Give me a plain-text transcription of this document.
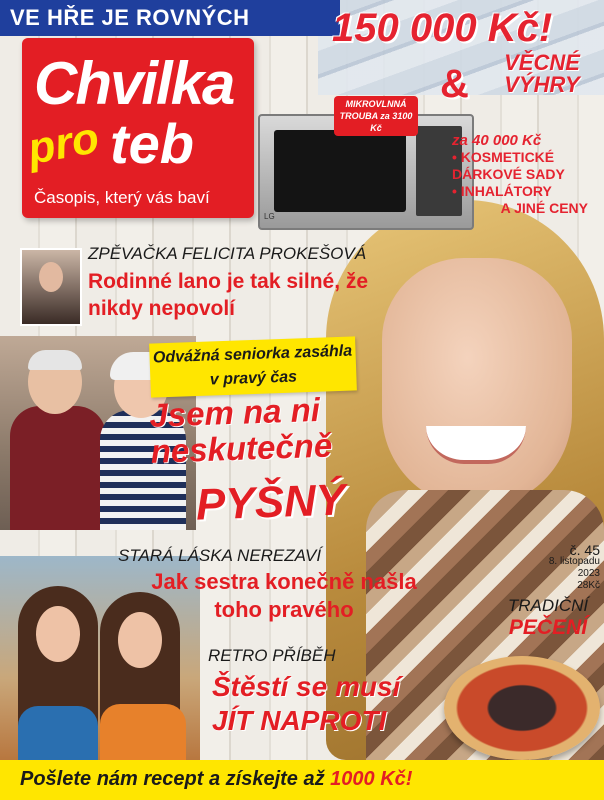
VE HŘE JE ROVNÝCH 150 000 Kč!
&	VĚCNÉ VÝHRY
Chvilka
pro teb
Časopis, který vás baví
LG
MIKROVLNNÁ TROUBA za 3100 Kč
za 40 000 Kč
• KOSMETICKÉ DÁRKOVÉ SADY
• INHALÁTORY
A JINÉ CENY
ZPĚVAČKA FELICITA PROKEŠOVÁ
Rodinné lano je tak silné, že nikdy nepovolí
Odvážná seniorka zasáhla v pravý čas
Jsem na ni neskutečně
PYŠNÝ
STARÁ LÁSKA NEREZAVÍ
Jak sestra konečně našla toho pravého
RETRO PŘÍBĚH
Štěstí se musí JÍT NAPROTI
č. 45
8. listopadu 2023
28Kč
TRADIČNÍ
PEČENÍ
Pošlete nám recept a získejte až 1000 Kč!
